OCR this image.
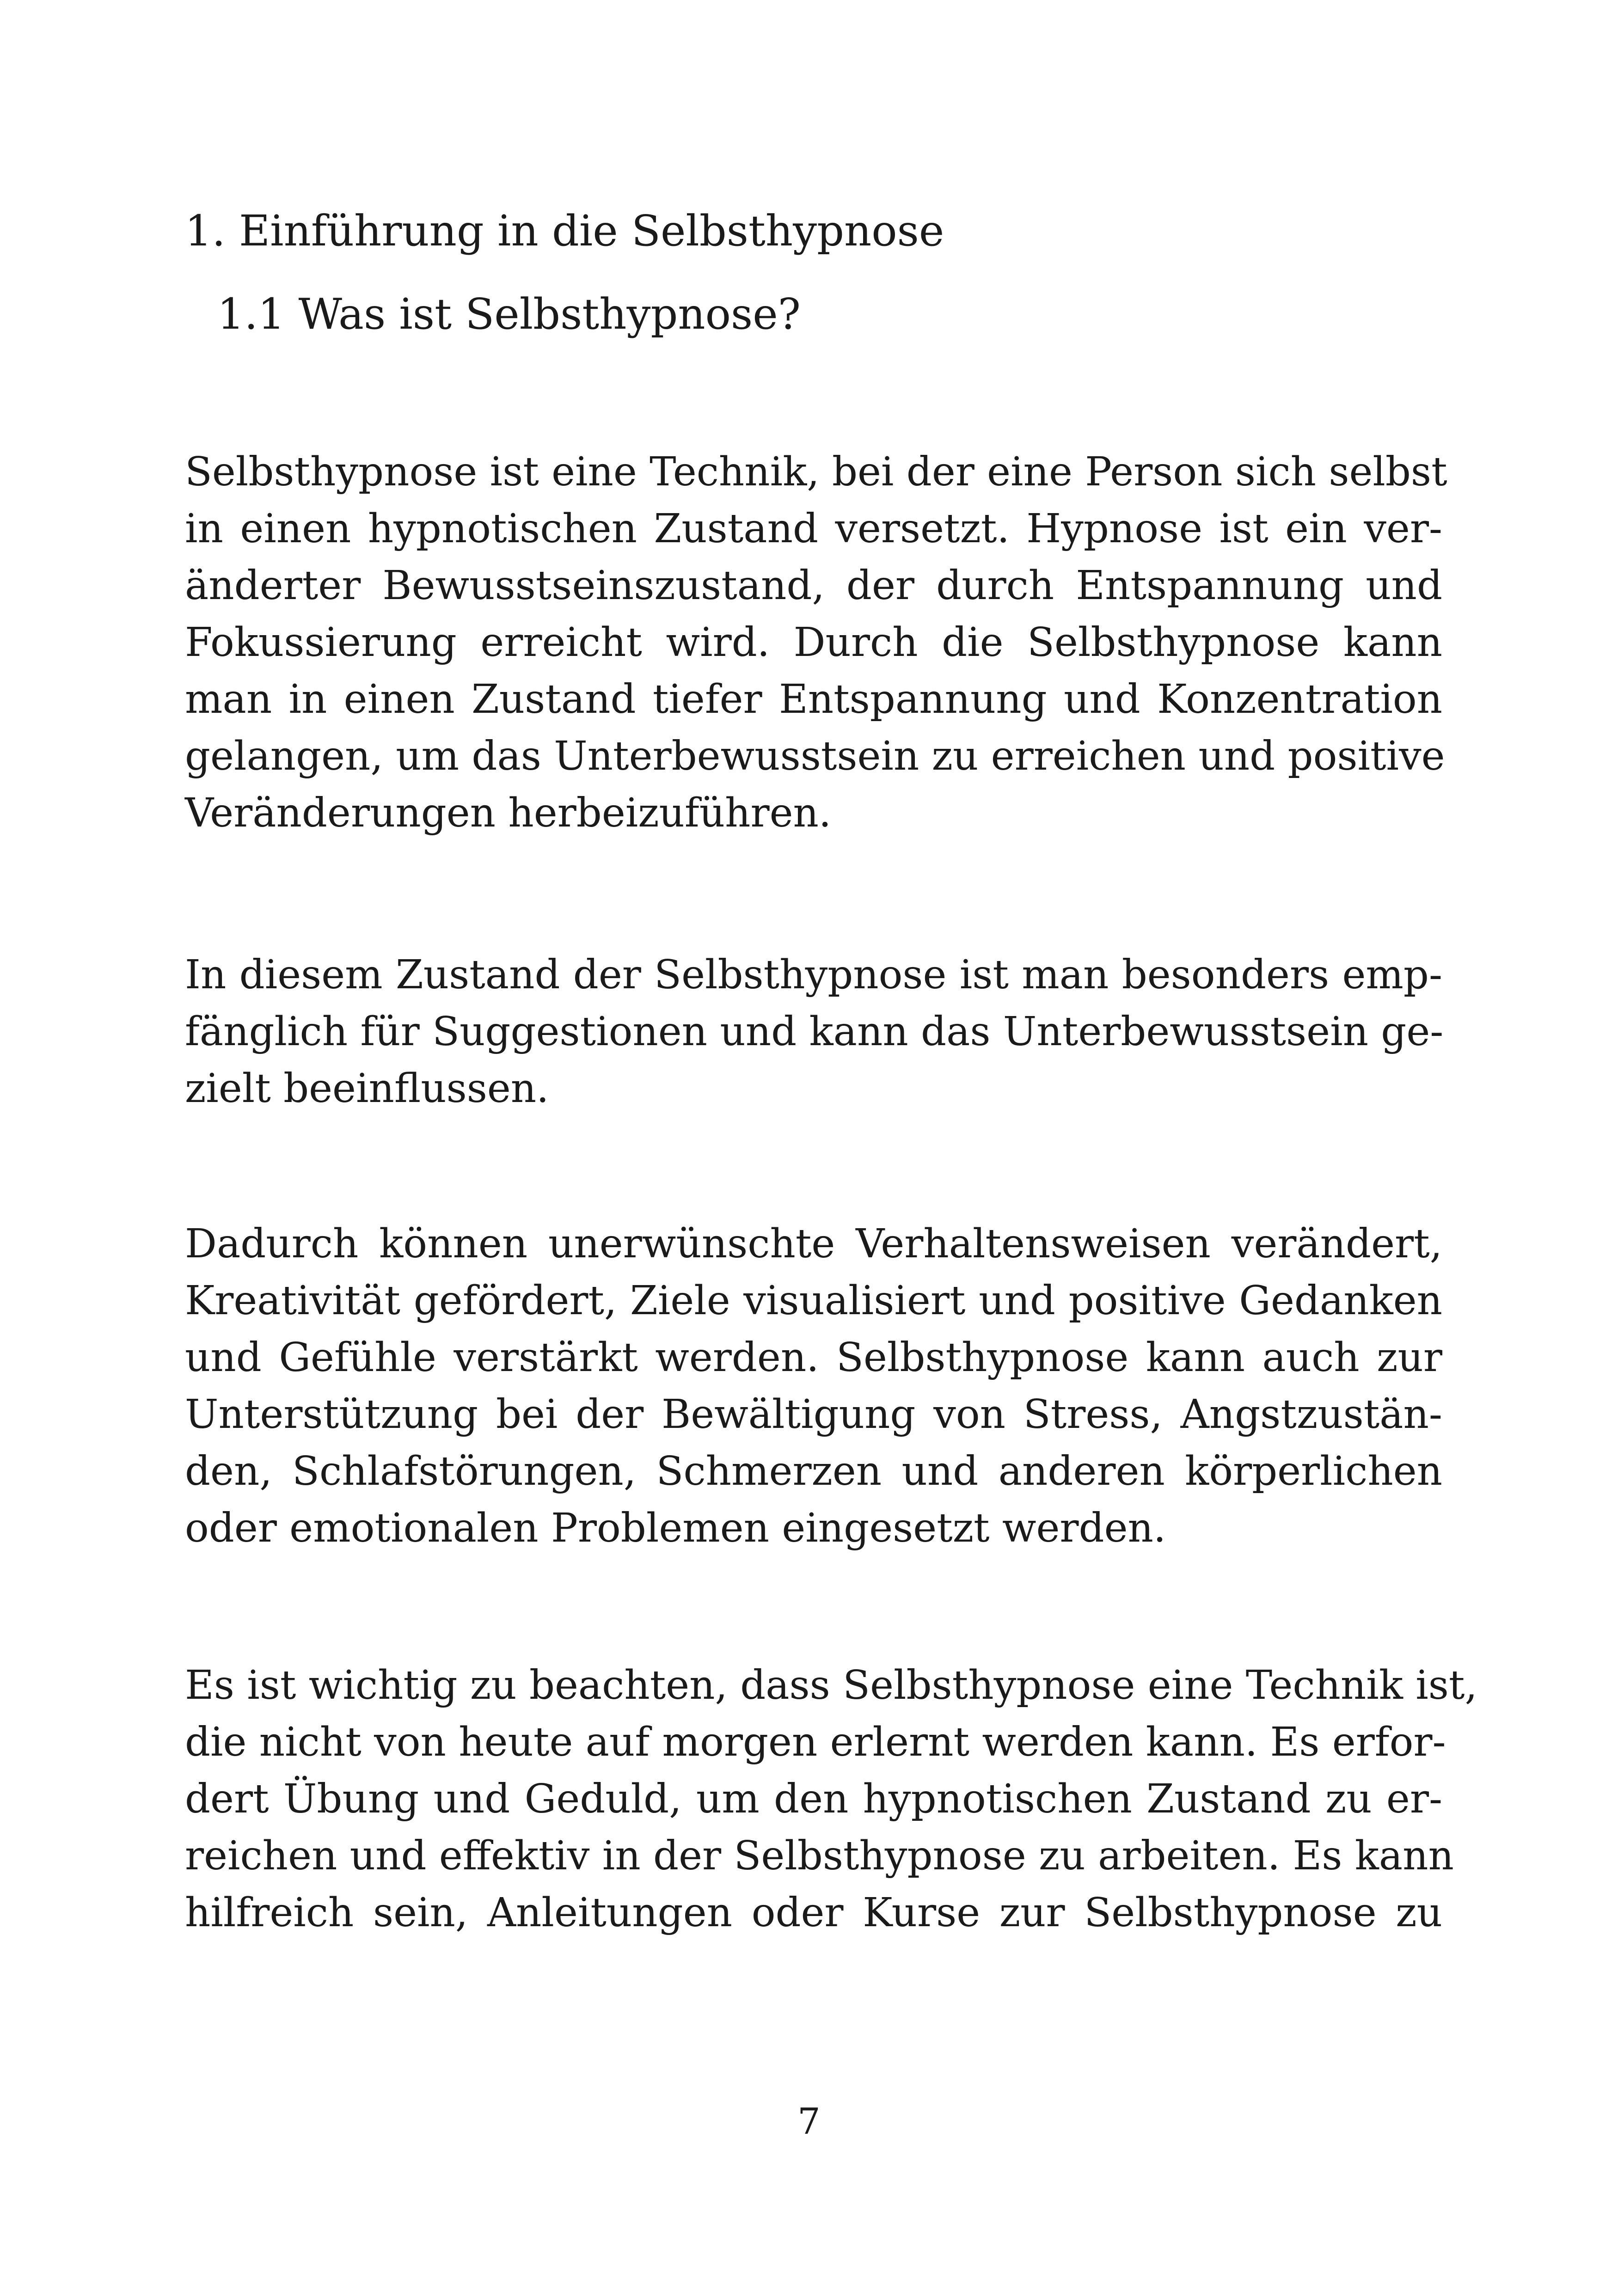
1. Einführung in die Selbsthypnose
1.1 Was ist Selbsthypnose?

Selbsthypnose ist eine Technik, bei der eine Person sich selbst
in einen hypnotischen Zustand versetzt. Hypnose ist ein ver-
änderter Bewusstseinszustand, der durch Entspannung und
Fokussierung erreicht wird. Durch die Selbsthypnose kann
man in einen Zustand tiefer Entspannung und Konzentration
gelangen, um das Unterbewusstsein zu erreichen und positive
Veränderungen herbeizuführen.

In diesem Zustand der Selbsthypnose ist man besonders emp-
fänglich für Suggestionen und kann das Unterbewusstsein ge-
zielt beeinflussen.

Dadurch können unerwünschte Verhaltensweisen verändert,
Kreativität gefördert, Ziele visualisiert und positive Gedanken
und Gefühle verstärkt werden. Selbsthypnose kann auch zur
Unterstützung bei der Bewältigung von Stress, Angstzustän-
den, Schlafstörungen, Schmerzen und anderen körperlichen
oder emotionalen Problemen eingesetzt werden.

Es ist wichtig zu beachten, dass Selbsthypnose eine Technik ist,
die nicht von heute auf morgen erlernt werden kann. Es erfor-
dert Übung und Geduld, um den hypnotischen Zustand zu er-
reichen und effektiv in der Selbsthypnose zu arbeiten. Es kann
hilfreich sein, Anleitungen oder Kurse zur Selbsthypnose zu

7
